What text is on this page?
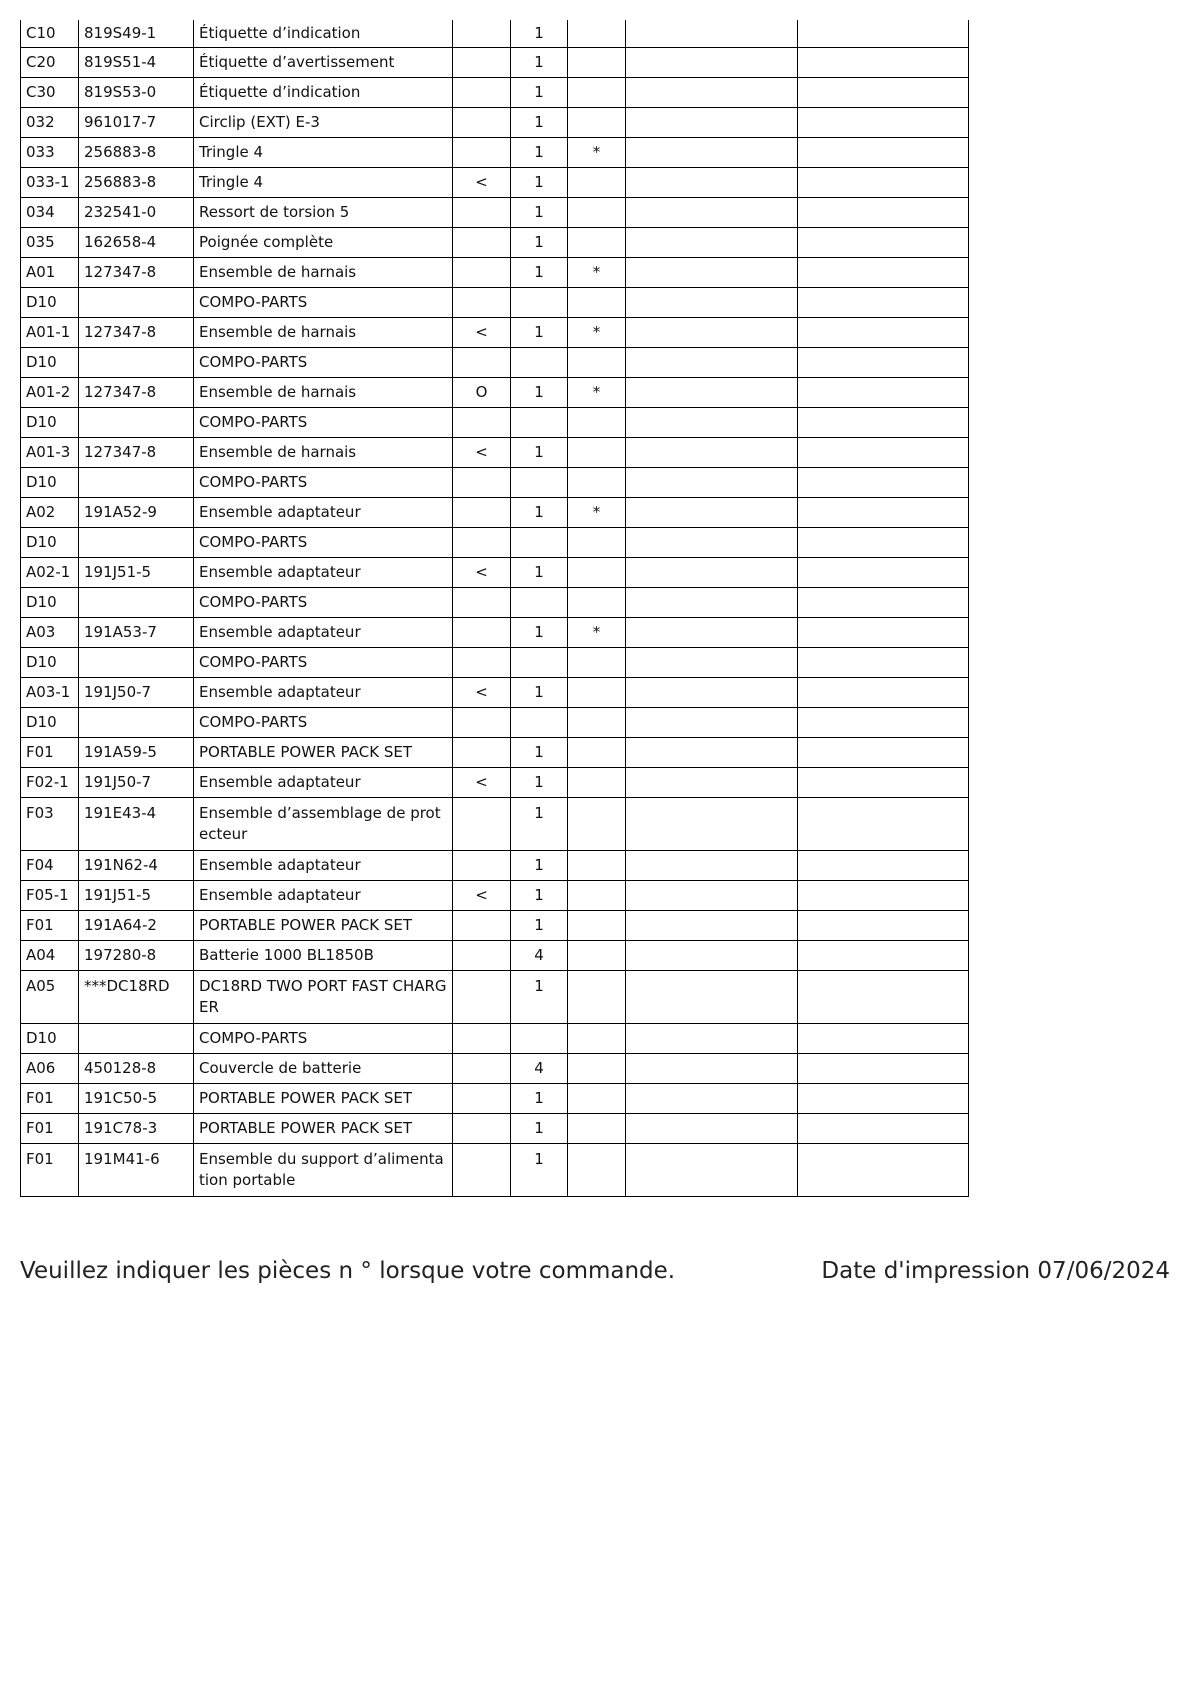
C10	819S49-1	Étiquette d’indication		1			
C20	819S51-4	Étiquette d’avertissement		1			
C30	819S53-0	Étiquette d’indication		1			
032	961017-7	Circlip (EXT) E-3		1			
033	256883-8	Tringle 4		1	*		
033-1	256883-8	Tringle 4	<	1			
034	232541-0	Ressort de torsion 5		1			
035	162658-4	Poignée complète		1			
A01	127347-8	Ensemble de harnais		1	*		
D10		COMPO-PARTS					
A01-1	127347-8	Ensemble de harnais	<	1	*		
D10		COMPO-PARTS					
A01-2	127347-8	Ensemble de harnais	O	1	*		
D10		COMPO-PARTS					
A01-3	127347-8	Ensemble de harnais	<	1			
D10		COMPO-PARTS					
A02	191A52-9	Ensemble adaptateur		1	*		
D10		COMPO-PARTS					
A02-1	191J51-5	Ensemble adaptateur	<	1			
D10		COMPO-PARTS					
A03	191A53-7	Ensemble adaptateur		1	*		
D10		COMPO-PARTS					
A03-1	191J50-7	Ensemble adaptateur	<	1			
D10		COMPO-PARTS					
F01	191A59-5	PORTABLE POWER PACK SET		1			
F02-1	191J50-7	Ensemble adaptateur	<	1			
F03	191E43-4	Ensemble d’assemblage de protecteur		1			
F04	191N62-4	Ensemble adaptateur		1			
F05-1	191J51-5	Ensemble adaptateur	<	1			
F01	191A64-2	PORTABLE POWER PACK SET		1			
A04	197280-8	Batterie 1000 BL1850B		4			
A05	***DC18RD	DC18RD TWO PORT FAST CHARGER		1			
D10		COMPO-PARTS					
A06	450128-8	Couvercle de batterie		4			
F01	191C50-5	PORTABLE POWER PACK SET		1			
F01	191C78-3	PORTABLE POWER PACK SET		1			
F01	191M41-6	Ensemble du support d’alimentation portable		1			
Veuillez indiquer les pièces n ° lorsque votre commande.	Date d'impression 07/06/2024
